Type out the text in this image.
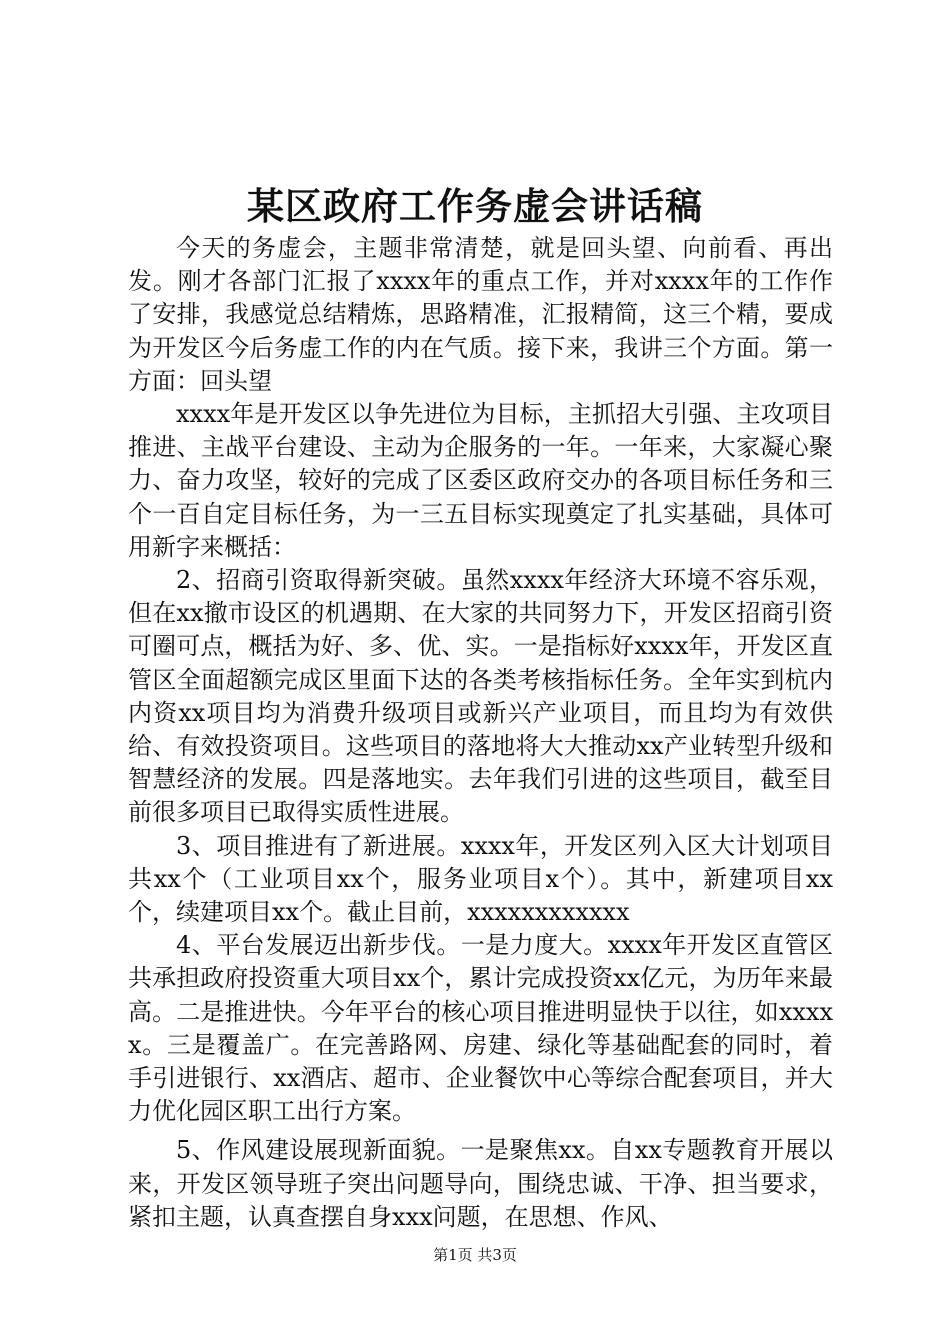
某区政府工作务虚会讲话稿

今天的务虚会，主题非常清楚，就是回头望、向前看、再出发。刚才各部门汇报了xxxx年的重点工作，并对xxxx年的工作作了安排，我感觉总结精炼，思路精准，汇报精简，这三个精，要成为开发区今后务虚工作的内在气质。接下来，我讲三个方面。第一方面：回头望

xxxx年是开发区以争先进位为目标，主抓招大引强、主攻项目推进、主战平台建设、主动为企服务的一年。一年来，大家凝心聚力、奋力攻坚，较好的完成了区委区政府交办的各项目标任务和三个一百自定目标任务，为一三五目标实现奠定了扎实基础，具体可用新字来概括：

2、招商引资取得新突破。虽然xxxx年经济大环境不容乐观，但在xx撤市设区的机遇期、在大家的共同努力下，开发区招商引资可圈可点，概括为好、多、优、实。一是指标好xxxx年，开发区直管区全面超额完成区里面下达的各类考核指标任务。全年实到杭内内资xx项目均为消费升级项目或新兴产业项目，而且均为有效供给、有效投资项目。这些项目的落地将大大推动xx产业转型升级和智慧经济的发展。四是落地实。去年我们引进的这些项目，截至目前很多项目已取得实质性进展。

3、项目推进有了新进展。xxxx年，开发区列入区大计划项目共xx个（工业项目xx个，服务业项目x个）。其中，新建项目xx个，续建项目xx个。截止目前，xxxxxxxxxxxx

4、平台发展迈出新步伐。一是力度大。xxxx年开发区直管区共承担政府投资重大项目xx个，累计完成投资xx亿元，为历年来最高。二是推进快。今年平台的核心项目推进明显快于以往，如xxxxx。三是覆盖广。在完善路网、房建、绿化等基础配套的同时，着手引进银行、xx酒店、超市、企业餐饮中心等综合配套项目，并大力优化园区职工出行方案。

5、作风建设展现新面貌。一是聚焦xx。自xx专题教育开展以来，开发区领导班子突出问题导向，围绕忠诚、干净、担当要求，紧扣主题，认真查摆自身xxx问题，在思想、作风、

第1页 共3页
